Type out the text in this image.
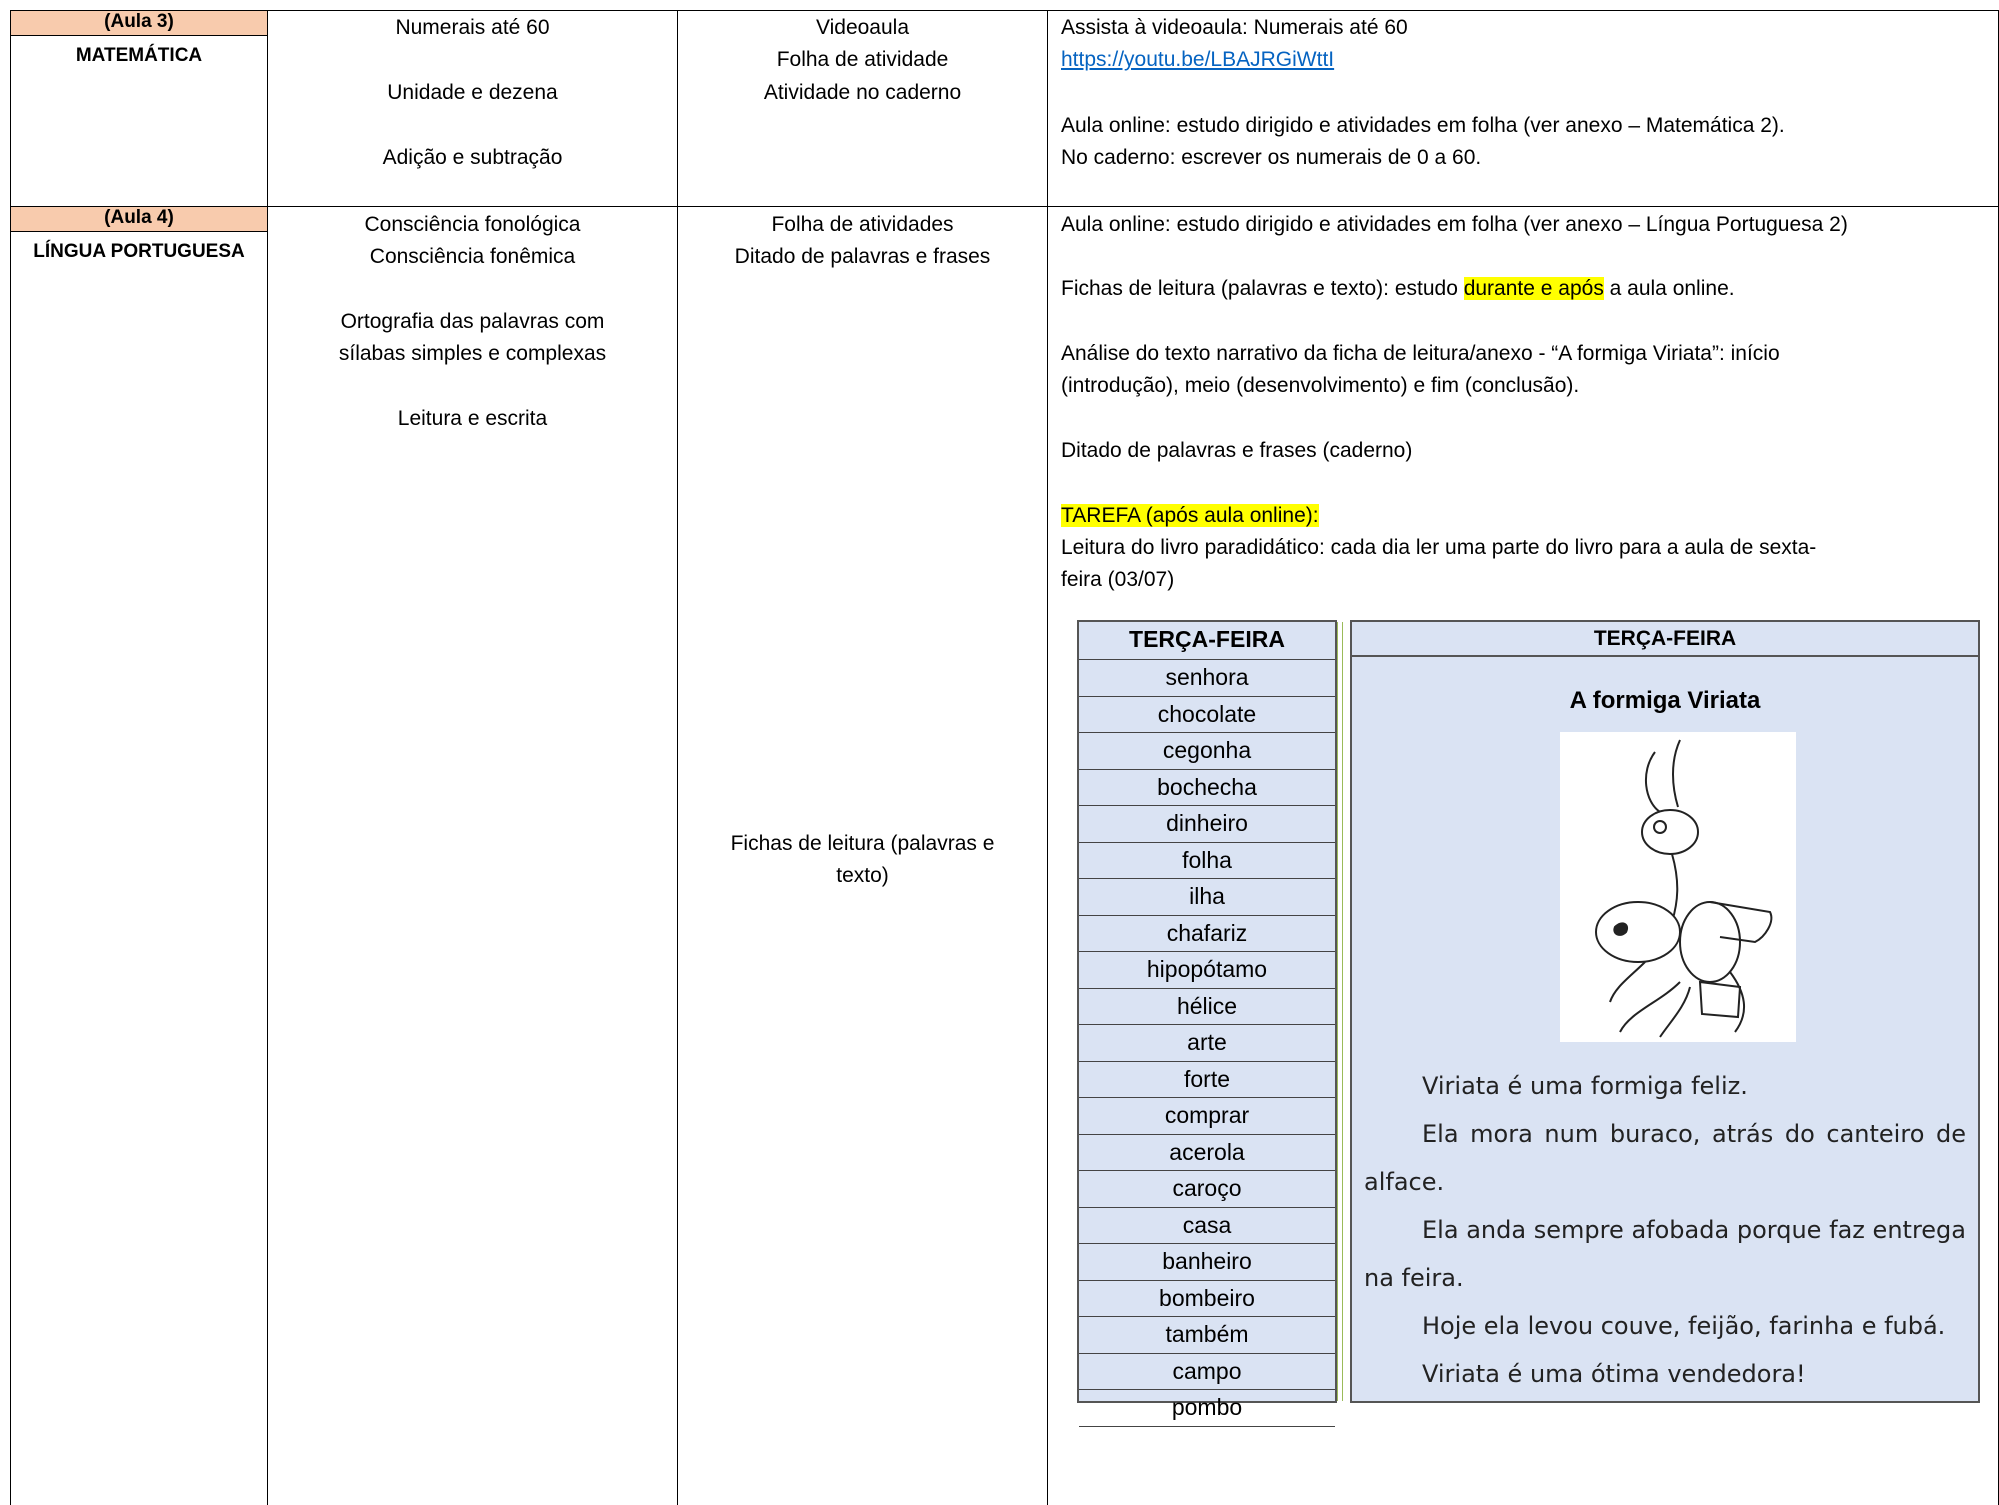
(Aula 3)
MATEMÁTICA
Numerais até 60
Unidade e dezena
Adição e subtração
Videoaula
Folha de atividade
Atividade no caderno
Assista à videoaula: Numerais até 60
https://youtu.be/LBAJRGiWttI
Aula online: estudo dirigido e atividades em folha (ver anexo – Matemática 2).
No caderno: escrever os numerais de 0 a 60.
(Aula 4)
LÍNGUA PORTUGUESA
Consciência fonológica
Consciência fonêmica
Ortografia das palavras com
sílabas simples e complexas
Leitura e escrita
Folha de atividades
Ditado de palavras e frases
Fichas de leitura (palavras e
texto)
Aula online: estudo dirigido e atividades em folha (ver anexo – Língua Portuguesa 2)
Fichas de leitura (palavras e texto): estudo durante e após a aula online.
Análise do texto narrativo da ficha de leitura/anexo - “A formiga Viriata”: início
(introdução), meio (desenvolvimento) e fim (conclusão).
Ditado de palavras e frases (caderno)
TAREFA (após aula online):
Leitura do livro paradidático: cada dia ler uma parte do livro para a aula de sexta-
feira (03/07)
TERÇA-FEIRA
senhora
chocolate
cegonha
bochecha
dinheiro
folha
ilha
chafariz
hipopótamo
hélice
arte
forte
comprar
acerola
caroço
casa
banheiro
bombeiro
também
campo
pombo
TERÇA-FEIRA
A formiga Viriata

Viriata é uma formiga feliz.

Ela mora num buraco, atrás do canteiro de alface.

Ela anda sempre afobada porque faz entrega na feira.

Hoje ela levou couve, feijão, farinha e fubá.

Viriata é uma ótima vendedora!
